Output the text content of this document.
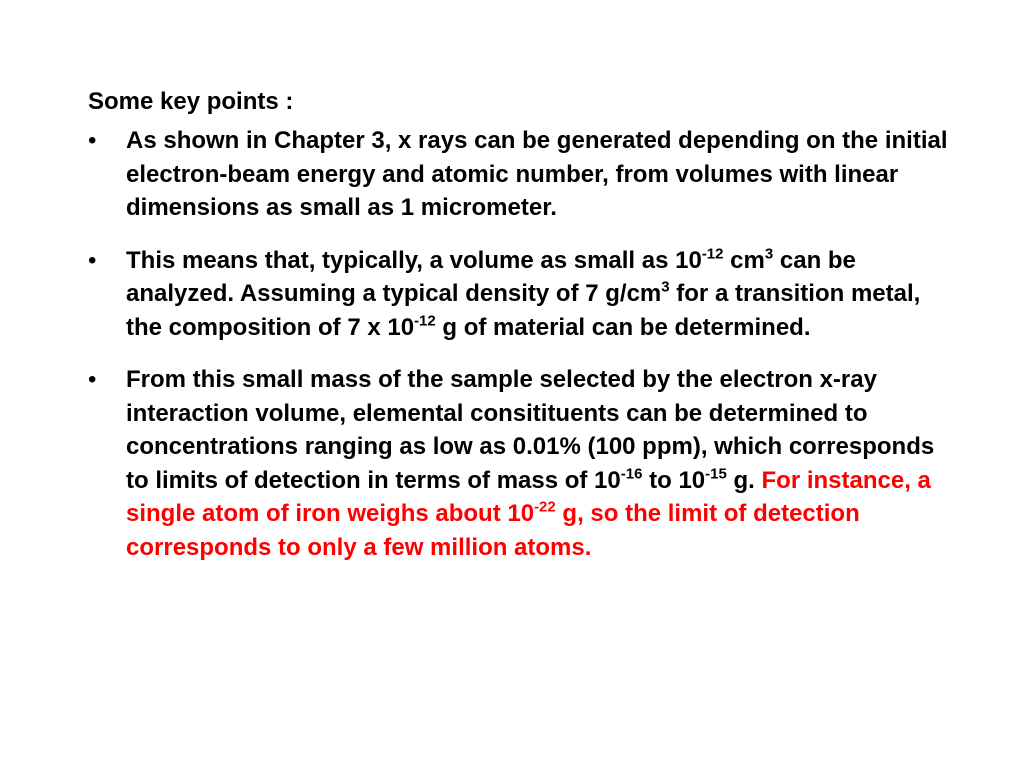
Some key points :
•	As shown in Chapter 3, x rays can be generated depending on the initial electron-beam energy and atomic number, from volumes with linear dimensions as small as 1 micrometer.
•	This means that, typically, a volume as small as $10^{-12}$ $cm^3$ can be analyzed. Assuming a typical density of 7 $g/cm^3$ for a transition metal, the composition of 7 x $10^{-12}$ g of material can be determined.
•	From this small mass of the sample selected by the electron x-ray interaction volume, elemental consitituents can be determined to concentrations ranging as low as 0.01% (100 ppm), which corresponds to limits of detection in terms of mass of $10^{-16}$ to $10^{-15}$ g. For instance, a single atom of iron weighs about $10^{-22}$ g, so the limit of detection corresponds to only a few million atoms.
